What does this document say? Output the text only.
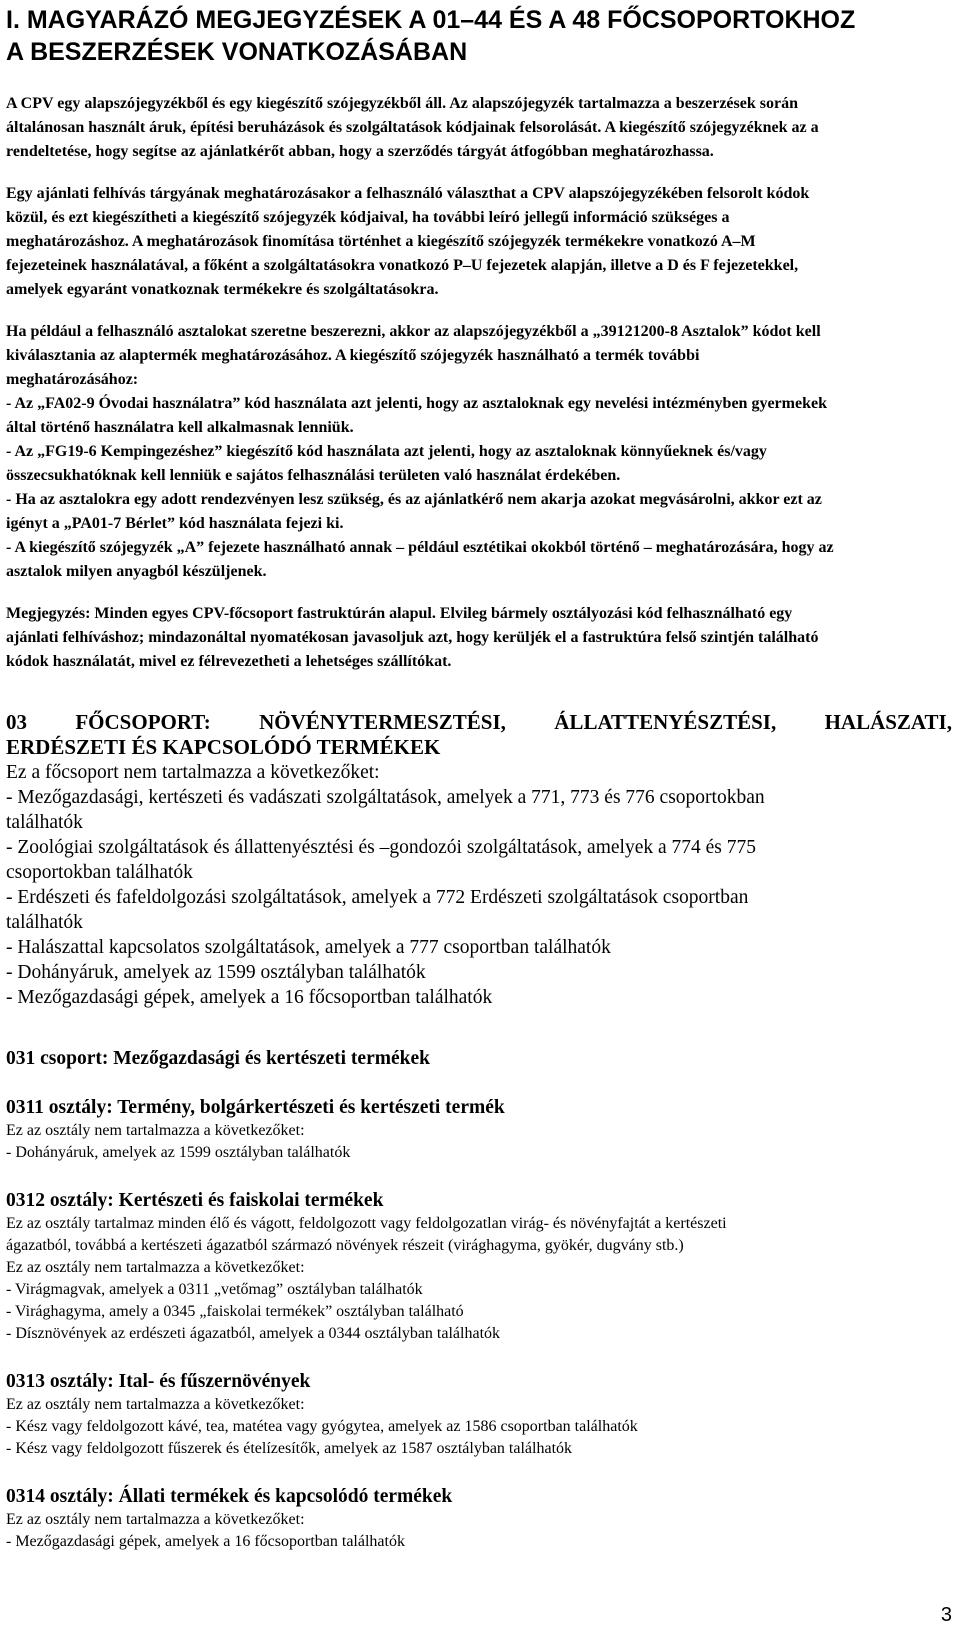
I. MAGYARÁZÓ MEGJEGYZÉSEK A 01–44 ÉS A 48 FŐCSOPORTOKHOZ
A BESZERZÉSEK VONATKOZÁSÁBAN

A CPV egy alapszójegyzékből és egy kiegészítő szójegyzékből áll. Az alapszójegyzék tartalmazza a beszerzések során
általánosan használt áruk, építési beruházások és szolgáltatások kódjainak felsorolását. A kiegészítő szójegyzéknek az a
rendeltetése, hogy segítse az ajánlatkérőt abban, hogy a szerződés tárgyát átfogóbban meghatározhassa.

Egy ajánlati felhívás tárgyának meghatározásakor a felhasználó választhat a CPV alapszójegyzékében felsorolt kódok
közül, és ezt kiegészítheti a kiegészítő szójegyzék kódjaival, ha további leíró jellegű információ szükséges a
meghatározáshoz. A meghatározások finomítása történhet a kiegészítő szójegyzék termékekre vonatkozó A–M
fejezeteinek használatával, a főként a szolgáltatásokra vonatkozó P–U fejezetek alapján, illetve a D és F fejezetekkel,
amelyek egyaránt vonatkoznak termékekre és szolgáltatásokra.

Ha például a felhasználó asztalokat szeretne beszerezni, akkor az alapszójegyzékből a „39121200-8 Asztalok” kódot kell
kiválasztania az alaptermék meghatározásához. A kiegészítő szójegyzék használható a termék további
meghatározásához:
- Az „FA02-9 Óvodai használatra” kód használata azt jelenti, hogy az asztaloknak egy nevelési intézményben gyermekek
által történő használatra kell alkalmasnak lenniük.
- Az „FG19-6 Kempingezéshez” kiegészítő kód használata azt jelenti, hogy az asztaloknak könnyűeknek és/vagy
összecsukhatóknak kell lenniük e sajátos felhasználási területen való használat érdekében.
- Ha az asztalokra egy adott rendezvényen lesz szükség, és az ajánlatkérő nem akarja azokat megvásárolni, akkor ezt az
igényt a „PA01-7 Bérlet” kód használata fejezi ki.
- A kiegészítő szójegyzék „A” fejezete használható annak – például esztétikai okokból történő – meghatározására, hogy az
asztalok milyen anyagból készüljenek.

Megjegyzés: Minden egyes CPV-főcsoport fastruktúrán alapul. Elvileg bármely osztályozási kód felhasználható egy
ajánlati felhíváshoz; mindazonáltal nyomatékosan javasoljuk azt, hogy kerüljék el a fastruktúra felső szintjén található
kódok használatát, mivel ez félrevezetheti a lehetséges szállítókat.

03 FŐCSOPORT: NÖVÉNYTERMESZTÉSI, ÁLLATTENYÉSZTÉSI, HALÁSZATI,
ERDÉSZETI ÉS KAPCSOLÓDÓ TERMÉKEK

Ez a főcsoport nem tartalmazza a következőket:
- Mezőgazdasági, kertészeti és vadászati szolgáltatások, amelyek a 771, 773 és 776 csoportokban
találhatók
- Zoológiai szolgáltatások és állattenyésztési és –gondozói szolgáltatások, amelyek a 774 és 775
csoportokban találhatók
- Erdészeti és fafeldolgozási szolgáltatások, amelyek a 772 Erdészeti szolgáltatások csoportban
találhatók
- Halászattal kapcsolatos szolgáltatások, amelyek a 777 csoportban találhatók
- Dohányáruk, amelyek az 1599 osztályban találhatók
- Mezőgazdasági gépek, amelyek a 16 főcsoportban találhatók

031 csoport: Mezőgazdasági és kertészeti termékek
0311 osztály: Termény, bolgárkertészeti és kertészeti termék

Ez az osztály nem tartalmazza a következőket:
- Dohányáruk, amelyek az 1599 osztályban találhatók

0312 osztály: Kertészeti és faiskolai termékek

Ez az osztály tartalmaz minden élő és vágott, feldolgozott vagy feldolgozatlan virág- és növényfajtát a kertészeti
ágazatból, továbbá a kertészeti ágazatból származó növények részeit (virághagyma, gyökér, dugvány stb.)
Ez az osztály nem tartalmazza a következőket:
- Virágmagvak, amelyek a 0311 „vetőmag” osztályban találhatók
- Virághagyma, amely a 0345 „faiskolai termékek” osztályban található
- Dísznövények az erdészeti ágazatból, amelyek a 0344 osztályban találhatók

0313 osztály: Ital- és fűszernövények

Ez az osztály nem tartalmazza a következőket:
- Kész vagy feldolgozott kávé, tea, matétea vagy gyógytea, amelyek az 1586 csoportban találhatók
- Kész vagy feldolgozott fűszerek és ételízesítők, amelyek az 1587 osztályban találhatók

0314 osztály: Állati termékek és kapcsolódó termékek

Ez az osztály nem tartalmazza a következőket:
- Mezőgazdasági gépek, amelyek a 16 főcsoportban találhatók

3
